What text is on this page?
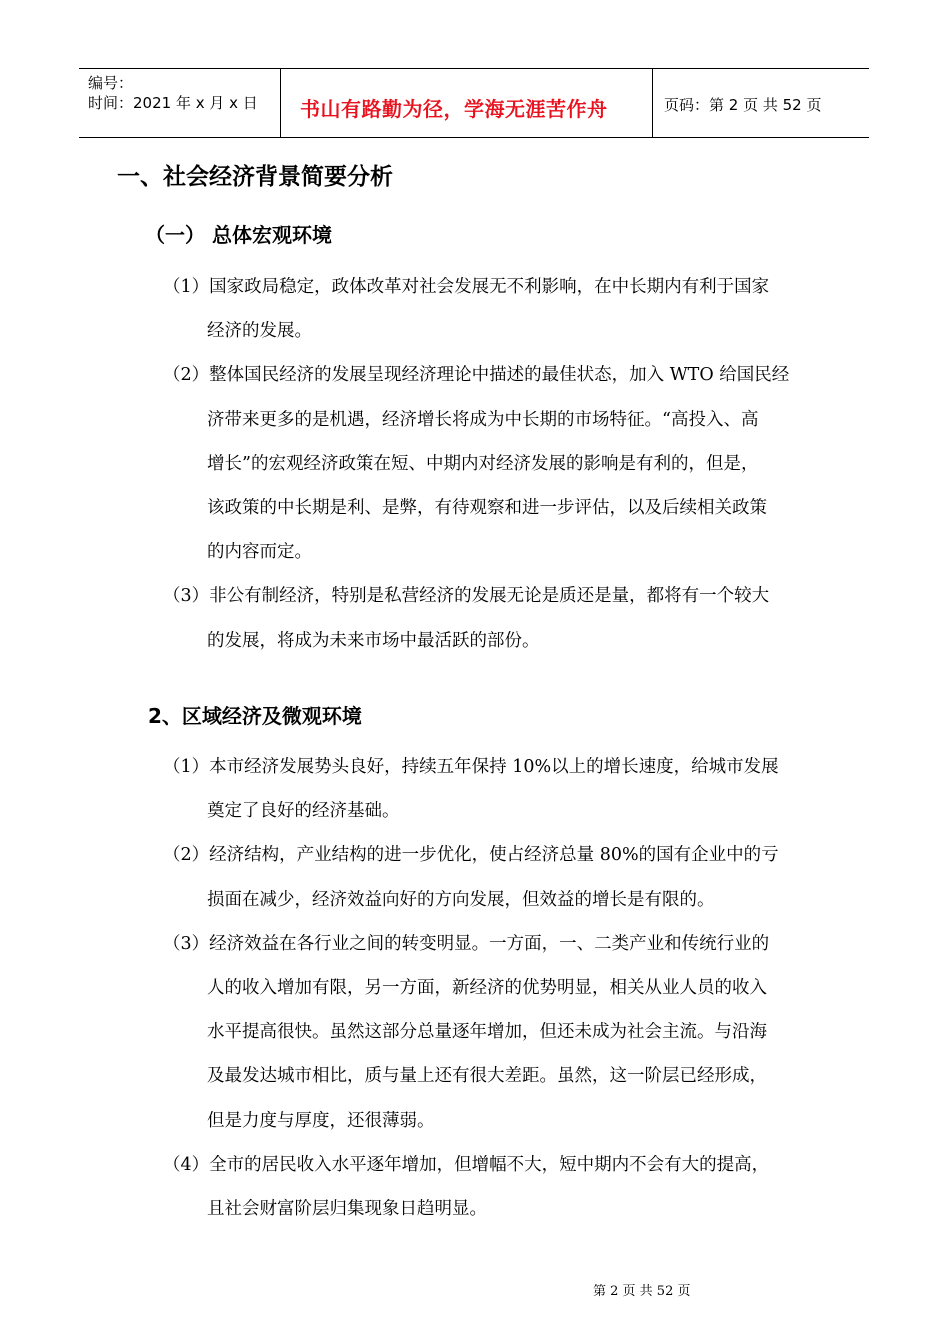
编号：
时间：2021 年 x 月 x 日 书山有路勤为径，学海无涯苦作舟	页码：第 2 页 共 52 页
一、社会经济背景简要分析
（一） 总体宏观环境
（1）国家政局稳定，政体改革对社会发展无不利影响，在中长期内有利于国家
经济的发展。
（2）整体国民经济的发展呈现经济理论中描述的最佳状态，加入 WTO 给国民经
济带来更多的是机遇，经济增长将成为中长期的市场特征。“高投入、高
增长”的宏观经济政策在短、中期内对经济发展的影响是有利的，但是，
该政策的中长期是利、是弊，有待观察和进一步评估，以及后续相关政策
的内容而定。
（3）非公有制经济，特别是私营经济的发展无论是质还是量，都将有一个较大
的发展，将成为未来市场中最活跃的部份。
2、区域经济及微观环境
（1）本市经济发展势头良好，持续五年保持 10%以上的增长速度，给城市发展
奠定了良好的经济基础。
（2）经济结构，产业结构的进一步优化，使占经济总量 80%的国有企业中的亏
损面在减少，经济效益向好的方向发展，但效益的增长是有限的。
（3）经济效益在各行业之间的转变明显。一方面，一、二类产业和传统行业的
人的收入增加有限，另一方面，新经济的优势明显，相关从业人员的收入
水平提高很快。虽然这部分总量逐年增加，但还未成为社会主流。与沿海
及最发达城市相比，质与量上还有很大差距。虽然，这一阶层已经形成，
但是力度与厚度，还很薄弱。
（4）全市的居民收入水平逐年增加，但增幅不大，短中期内不会有大的提高，
且社会财富阶层归集现象日趋明显。
第 2 页 共 52 页
